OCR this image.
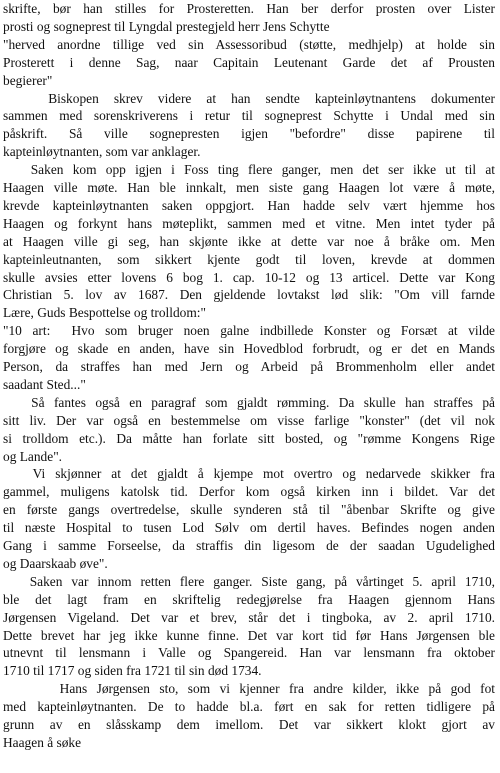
skrifte, bør han stilles for Prosteretten. Han ber derfor prosten over Lister
prosti og sogneprest til Lyngdal prestegjeld herr Jens Schytte
"herved anordne tillige ved sin Assessoribud (støtte, medhjelp) at holde sin
Prosterett i denne Sag, naar Capitain Leutenant Garde det af Prousten
begierer"
Biskopen skrev videre at han sendte kapteinløytnantens dokumenter
sammen med sorenskriverens i retur til sogneprest Schytte i Undal med sin
påskrift. Så ville sogneprestеn igjen "befordre" disse papirene til
kapteinløytnanten, som var anklager.
Saken kom opp igjen i Foss ting flere ganger, men det ser ikke ut til at
Haagen ville møte. Han ble innkalt, men siste gang Haagen lot være å møte,
krevde kapteinløytnanten saken oppgjort. Han hadde selv vært hjemme hos
Haagen og forkynt hans møteplikt, sammen med et vitne. Men intet tyder på
at Haagen ville gi seg, han skjønte ikke at dette var noe å bråke om. Men
kapteinleutnanten, som sikkert kjente godt til loven, krevde at dommen
skulle avsies etter lovens 6 bog 1. cap. 10-12 og 13 articel. Dette var Kong
Christian 5. lov av 1687. Den gjeldende lovtakst lød slik: "Om vill farnde
Lære, Guds Bespottelse og trolldom:"
"10 art:  Hvo som bruger noen galne indbillede Konster og Forsæt at vilde
forgjøre og skade en anden, have sin Hovedblod forbrudt, og er det en Mands
Person, da straffes han med Jern og Arbeid på Brommenholm eller andet
saadant Sted..."
Så fantes også en paragraf som gjaldt rømming. Da skulle han straffes på
sitt liv. Der var også en bestemmelse om visse farlige "konster" (det vil nok
si trolldom etc.). Da måtte han forlate sitt bosted, og "rømme Kongens Rige
og Lande".
Vi skjønner at det gjaldt å kjempe mot overtro og nedarvede skikker fra
gammel, muligens katolsk tid. Derfor kom også kirken inn i bildet. Var det
en første gangs overtredelse, skulle synderen stå til "åbenbar Skrifte og give
til næste Hospital to tusen Lod Sølv om dertil haves. Befindes nogen anden
Gang i samme Forseelse, da straffis din ligesom de der saadan Ugudelighed
og Daarskaab øve".
Saken var innom retten flere ganger. Siste gang, på vårtinget 5. april 1710,
ble det lagt fram en skriftelig redegjørelse fra Haagen gjennom Hans
Jørgensen Vigeland. Det var et brev, står det i tingboka, av 2. april 1710.
Dette brevet har jeg ikke kunne finne. Det var kort tid før Hans Jørgensen ble
utnevnt til lensmann i Valle og Spangereid. Han var lensmann fra oktober
1710 til 1717 og siden fra 1721 til sin død 1734.
Hans Jørgensen sto, som vi kjenner fra andre kilder, ikke på god fot
med kapteinløytnanten. De to hadde bl.a. ført en sak for retten tidligere på
grunn av en slåsskamp dem imellom. Det var sikkert klokt gjort av
Haagen å søke
